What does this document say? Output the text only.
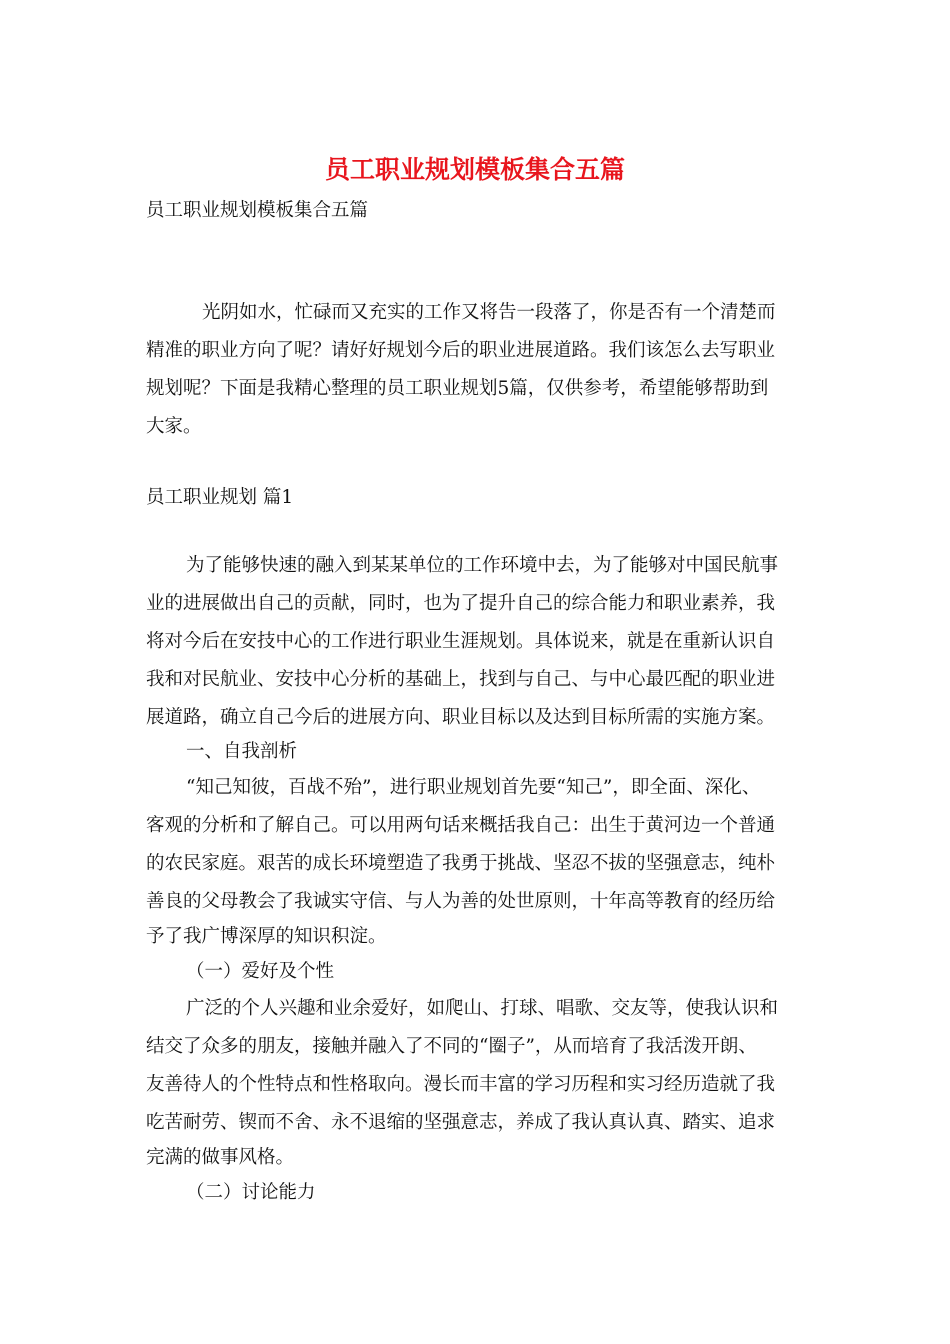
员工职业规划模板集合五篇
员工职业规划模板集合五篇
光阴如水，忙碌而又充实的工作又将告一段落了，你是否有一个清楚而
精准的职业方向了呢？请好好规划今后的职业进展道路。我们该怎么去写职业
规划呢？下面是我精心整理的员工职业规划5篇，仅供参考，希望能够帮助到
大家。
员工职业规划 篇1
为了能够快速的融入到某某单位的工作环境中去，为了能够对中国民航事
业的进展做出自己的贡献，同时，也为了提升自己的综合能力和职业素养，我
将对今后在安技中心的工作进行职业生涯规划。具体说来，就是在重新认识自
我和对民航业、安技中心分析的基础上，找到与自己、与中心最匹配的职业进
展道路，确立自己今后的进展方向、职业目标以及达到目标所需的实施方案。
一、自我剖析
“知己知彼，百战不殆”，进行职业规划首先要“知己”，即全面、深化、
客观的分析和了解自己。可以用两句话来概括我自己：出生于黄河边一个普通
的农民家庭。艰苦的成长环境塑造了我勇于挑战、坚忍不拔的坚强意志，纯朴
善良的父母教会了我诚实守信、与人为善的处世原则，十年高等教育的经历给
予了我广博深厚的知识积淀。
（一）爱好及个性
广泛的个人兴趣和业余爱好，如爬山、打球、唱歌、交友等，使我认识和
结交了众多的朋友，接触并融入了不同的“圈子”，从而培育了我活泼开朗、
友善待人的个性特点和性格取向。漫长而丰富的学习历程和实习经历造就了我
吃苦耐劳、锲而不舍、永不退缩的坚强意志，养成了我认真认真、踏实、追求
完满的做事风格。
（二）讨论能力
